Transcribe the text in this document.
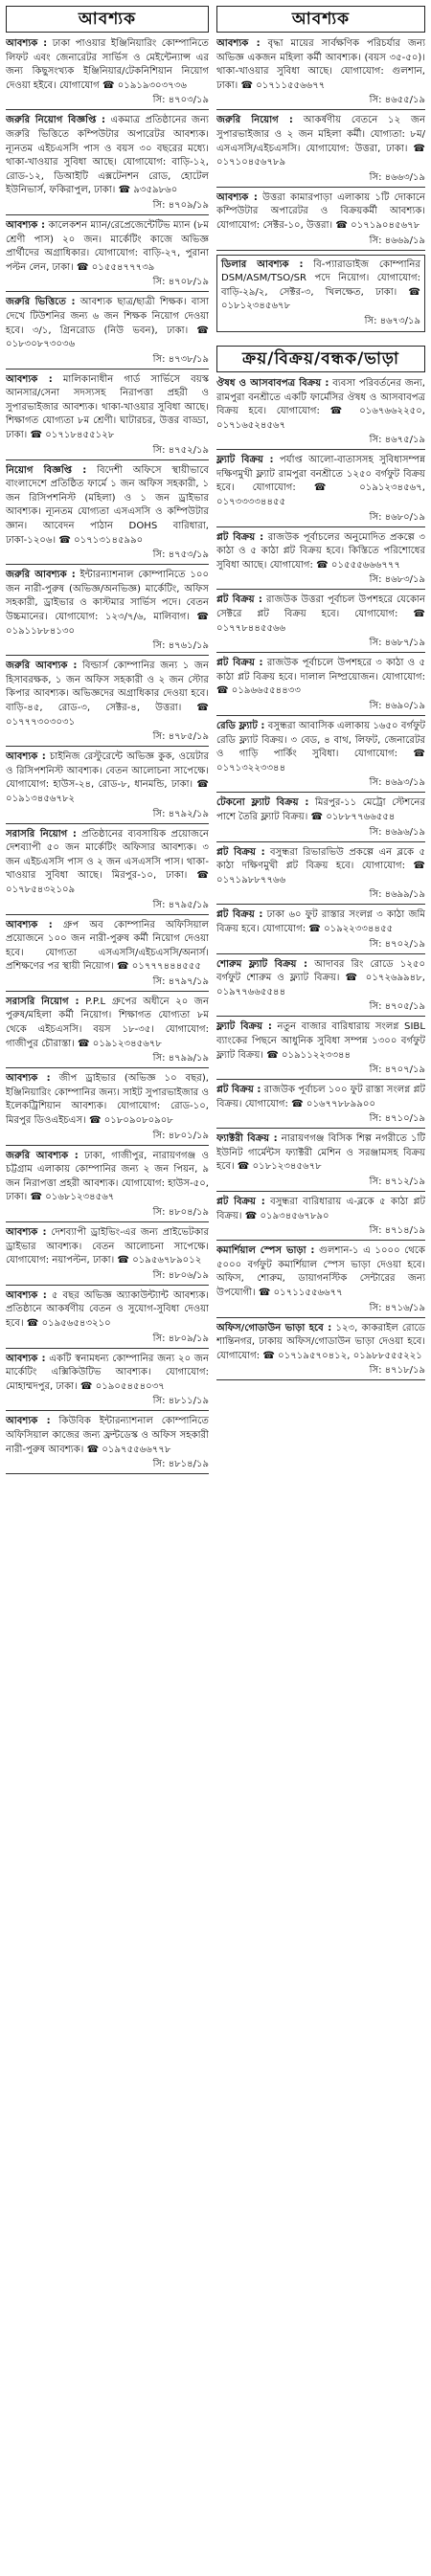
আবশ্যক

আবশ্যক : ঢাকা পাওয়ার ইঞ্জিনিয়ারিং কোম্পানিতে লিফট এবং জেনারেটর সার্ভিস ও মেইন্টেন্যান্স এর জন্য কিছুসংখ্যক ইঞ্জিনিয়ার/টেকনিশিয়ান নিয়োগ দেওয়া হইবে। যোগাযোগ ☎ ০১৯১৯৩০৩৭৩৬

সি: ৪৭০৩/১৯

জরুরি নিয়োগ বিজ্ঞপ্তি : একমাত্র প্রতিষ্ঠানের জন্য জরুরি ভিত্তিতে কম্পিউটার অপারেটর আবশ্যক। ন্যূনতম এইচএসসি পাস ও বয়স ৩০ বছরের মধ্যে। থাকা-খাওয়ার সুবিধা আছে। যোগাযোগ: বাড়ি-১২, রোড-১২, ডিআইটি এক্সটেনশন রোড, হোটেল ইউনিভার্স, ফকিরাপুল, ঢাকা। ☎ ৯৩৫৯৮৬০

সি: ৪৭০৯/১৯

আবশ্যক : কালেকশন ম্যান/রেপ্রেজেন্টেটিভ ম্যান (৮ম শ্রেণী পাস) ২০ জন। মার্কেটিং কাজে অভিজ্ঞ প্রার্থীদের অগ্রাধিকার। যোগাযোগ: বাড়ি-২৭, পুরানা পল্টন লেন, ঢাকা। ☎ ০১৫৫৪৭৭৭৩৯

সি: ৪৭০৮/১৯

জরুরি ভিত্তিতে : আবশ্যক ছাত্র/ছাত্রী শিক্ষক। বাসা দেখে টিউশনির জন্য ৬ জন শিক্ষক নিয়োগ দেওয়া হবে। ৩/১, গ্রিনরোড (নিউ ভবন), ঢাকা। ☎ ০১৮৩০৮৭৩০৩৬

সি: ৪৭৩৮/১৯

আবশ্যক : মালিকানাধীন গার্ড সার্ভিসে বয়স্ক আনসার/সেনা সদস্যসহ নিরাপত্তা প্রহরী ও সুপারভাইজার আবশ্যক। থাকা-খাওয়ার সুবিধা আছে। শিক্ষাগত যোগ্যতা ৮ম শ্রেণী। ঘাটারচর, উত্তর বাড্ডা, ঢাকা। ☎ ০১৭১৮৪৫৫১২৮

সি: ৪৭৫২/১৯

নিয়োগ বিজ্ঞপ্তি : বিদেশী অফিসে স্থায়ীভাবে বাংলাদেশে প্রতিষ্ঠিত ফার্মে ১ জন অফিস সহকারী, ১ জন রিসিপশনিস্ট (মহিলা) ও ১ জন ড্রাইভার আবশ্যক। ন্যূনতম যোগ্যতা এসএসসি ও কম্পিউটার জ্ঞান। আবেদন পাঠান DOHS বারিধারা, ঢাকা-১২০৬। ☎ ০১৭১৩১৪৫৯৯০

সি: ৪৭৫৩/১৯

জরুরি আবশ্যক : ইন্টারন্যাশনাল কোম্পানিতে ১০০ জন নারী-পুরুষ (অভিজ্ঞ/অনভিজ্ঞ) মার্কেটিং, অফিস সহকারী, ড্রাইভার ও কাস্টমার সার্ভিস পদে। বেতন উচ্চমানের। যোগাযোগ: ১২৩/৭/৬, মালিবাগ। ☎ ০১৯১১৮৮৪১৩০

সি: ৪৭৬১/১৯

জরুরি আবশ্যক : বিল্ডার্স কোম্পানির জন্য ১ জন হিসাবরক্ষক, ১ জন অফিস সহকারী ও ২ জন স্টোর কিপার আবশ্যক। অভিজ্ঞদের অগ্রাধিকার দেওয়া হবে। বাড়ি-৪৫, রোড-৩, সেক্টর-৪, উত্তরা। ☎ ০১৭৭৭৩০৩০৩১

সি: ৪৭৮৫/১৯

আবশ্যক : চাইনিজ রেস্টুরেন্টে অভিজ্ঞ কুক, ওয়েটার ও রিসিপশনিস্ট আবশ্যক। বেতন আলোচনা সাপেক্ষে। যোগাযোগ: হাউস-২৪, রোড-৮, ধানমন্ডি, ঢাকা। ☎ ০১৯১৩৪৫৬৭৮২

সি: ৪৭৯২/১৯

সরাসরি নিয়োগ : প্রতিষ্ঠানের ব্যবসায়িক প্রয়োজনে দেশব্যাপী ৫০ জন মার্কেটিং অফিসার আবশ্যক। ৩ জন এইচএসসি পাস ও ২ জন এসএসসি পাস। থাকা-খাওয়ার সুবিধা আছে। মিরপুর-১০, ঢাকা। ☎ ০১৭৮৫৪৩২১০৯

সি: ৪৭৯৫/১৯

আবশ্যক : গ্রুপ অব কোম্পানির অফিসিয়াল প্রয়োজনে ১০০ জন নারী-পুরুষ কর্মী নিয়োগ দেওয়া হবে। যোগ্যতা এসএসসি/এইচএসসি/অনার্স। প্রশিক্ষণের পর স্থায়ী নিয়োগ। ☎ ০১৭৭৭৪৪৪৫৫৫

সি: ৪৭৯৭/১৯

সরাসরি নিয়োগ : P.P.L গ্রুপের অধীনে ২০ জন পুরুষ/মহিলা কর্মী নিয়োগ। শিক্ষাগত যোগ্যতা ৮ম থেকে এইচএসসি। বয়স ১৮-৩৫। যোগাযোগ: গাজীপুর চৌরাস্তা। ☎ ০১৯১২৩৪৫৬৭৮

সি: ৪৭৯৯/১৯

আবশ্যক : জীপ ড্রাইভার (অভিজ্ঞ ১০ বছর), ইঞ্জিনিয়ারিং কোম্পানির জন্য। সাইট সুপারভাইজার ও ইলেকট্রিশিয়ান আবশ্যক। যোগাযোগ: রোড-১০, মিরপুর ডিওএইচএস। ☎ ০১৮০৯০৮০৯০৮

সি: ৪৮০১/১৯

জরুরি আবশ্যক : ঢাকা, গাজীপুর, নারায়ণগঞ্জ ও চট্টগ্রাম এলাকায় কোম্পানির জন্য ২ জন পিয়ন, ৯ জন নিরাপত্তা প্রহরী আবশ্যক। যোগাযোগ: হাউস-৫০, ঢাকা। ☎ ০১৬৮১২৩৪৫৬৭

সি: ৪৮০৪/১৯

আবশ্যক : দেশব্যাপী ড্রাইভিং-এর জন্য প্রাইভেটকার ড্রাইভার আবশ্যক। বেতন আলোচনা সাপেক্ষে। যোগাযোগ: নয়াপল্টন, ঢাকা। ☎ ০১৯৫৬৭৮৯০১২

সি: ৪৮০৬/১৯

আবশ্যক : ৫ বছর অভিজ্ঞ অ্যাকাউন্ট্যান্ট আবশ্যক। প্রতিষ্ঠানে আকর্ষণীয় বেতন ও সুযোগ-সুবিধা দেওয়া হবে। ☎ ০১৯৫৬৫৪৩২১০

সি: ৪৮০৯/১৯

আবশ্যক : একটি স্বনামধন্য কোম্পানির জন্য ২০ জন মার্কেটিং এক্সিকিউটিভ আবশ্যক। যোগাযোগ: মোহাম্মদপুর, ঢাকা। ☎ ০১৯০৫৪৫৪০৩৭

সি: ৪৮১১/১৯

আবশ্যক : কিউবিক ইন্টারন্যাশনাল কোম্পানিতে অফিসিয়াল কাজের জন্য ফ্রন্টডেস্ক ও অফিস সহকারী নারী-পুরুষ আবশ্যক। ☎ ০১৯৭৫৫৬৬৭৭৮

সি: ৪৮১৪/১৯
আবশ্যক

আবশ্যক : বৃদ্ধা মায়ের সার্বক্ষণিক পরিচর্যার জন্য অভিজ্ঞ একজন মহিলা কর্মী আবশ্যক। (বয়স ৩৫-৫০)। থাকা-খাওয়ার সুবিধা আছে। যোগাযোগ: গুলশান, ঢাকা। ☎ ০১৭১১৫৫৬৬৭৭

সি: ৪৬৫৫/১৯

জরুরি নিয়োগ : আকর্ষণীয় বেতনে ১২ জন সুপারভাইজার ও ২ জন মহিলা কর্মী। যোগ্যতা: ৮ম/এসএসসি/এইচএসসি। যোগাযোগ: উত্তরা, ঢাকা। ☎ ০১৭১০৪৫৬৭৮৯

সি: ৪৬৬৩/১৯

আবশ্যক : উত্তরা কামারপাড়া এলাকায় ১টি দোকানে কম্পিউটার অপারেটর ও বিক্রয়কর্মী আবশ্যক। যোগাযোগ: সেক্টর-১০, উত্তরা। ☎ ০১৭১৯০৪৫৬৭৮

সি: ৪৬৬৯/১৯

ডিলার আবশ্যক : বি-প্যারাডাইজ কোম্পানির DSM/ASM/TSO/SR পদে নিয়োগ। যোগাযোগ: বাড়ি-২৯/২, সেক্টর-৩, খিলক্ষেত, ঢাকা। ☎ ০১৮১২৩৪৫৬৭৮

সি: ৪৬৭৩/১৯
ক্রয়/বিক্রয়/বন্ধক/ভাড়া

ঔষধ ও আসবাবপত্র বিক্রয় : ব্যবসা পরিবর্তনের জন্য, রামপুরা বনশ্রীতে একটি ফার্মেসির ঔষধ ও আসবাবপত্র বিক্রয় হবে। যোগাযোগ: ☎ ০১৬৭৬৬২২৫০, ০১৭১৬৫২৪৫৬৭

সি: ৪৬৭৫/১৯

ফ্ল্যাট বিক্রয় : পর্যাপ্ত আলো-বাতাসসহ সুবিধাসম্পন্ন দক্ষিণমুখী ফ্ল্যাট রামপুরা বনশ্রীতে ১২৫০ বর্গফুট বিক্রয় হবে। যোগাযোগ: ☎ ০১৯১২৩৪৫৬৭, ০১৭৩৩৩৩৪৪৫৫

সি: ৪৬৮০/১৯

প্লট বিক্রয় : রাজউক পূর্বাচলের অনুমোদিত প্রকল্পে ৩ কাঠা ও ৫ কাঠা প্লট বিক্রয় হবে। কিস্তিতে পরিশোধের সুবিধা আছে। যোগাযোগ: ☎ ০১৫৫৫৬৬৬৭৭৭

সি: ৪৬৮৩/১৯

প্লট বিক্রয় : রাজউক উত্তরা পূর্বাচল উপশহরে যেকোন সেক্টরে প্লট বিক্রয় হবে। যোগাযোগ: ☎ ০১৭৭৮৪৪৫৫৬৬

সি: ৪৬৮৭/১৯

প্লট বিক্রয় : রাজউক পূর্বাচলে উপশহরে ৩ কাঠা ও ৫ কাঠা প্লট বিক্রয় হবে। দালাল নিষ্প্রয়োজন। যোগাযোগ: ☎ ০১৯৬৬৫৫৪৪৩৩

সি: ৪৬৯০/১৯

রেডি ফ্ল্যাট : বসুন্ধরা আবাসিক এলাকায় ১৬৫০ বর্গফুট রেডি ফ্ল্যাট বিক্রয়। ৩ বেড, ৪ বাথ, লিফট, জেনারেটর ও গাড়ি পার্কিং সুবিধা। যোগাযোগ: ☎ ০১৭১৩২২৩৩৪৪

সি: ৪৬৯৩/১৯

টেকনো ফ্ল্যাট বিক্রয় : মিরপুর-১১ মেট্রো স্টেশনের পাশে তৈরি ফ্ল্যাট বিক্রয়। ☎ ০১৮৮৭৭৬৬৫৫৪

সি: ৪৬৯৬/১৯

প্লট বিক্রয় : বসুন্ধরা রিভারভিউ প্রকল্পে এন ব্লকে ৫ কাঠা দক্ষিণমুখী প্লট বিক্রয় হবে। যোগাযোগ: ☎ ০১৭১৯৮৮৭৭৬৬

সি: ৪৬৯৯/১৯

প্লট বিক্রয় : ঢাকা ৬০ ফুট রাস্তার সংলগ্ন ৩ কাঠা জমি বিক্রয় হবে। যোগাযোগ: ☎ ০১৯২২৩৩৪৪৫৫

সি: ৪৭০২/১৯

শোরুম ফ্ল্যাট বিক্রয় : আদাবর রিং রোডে ১২৫০ বর্গফুট শোরুম ও ফ্ল্যাট বিক্রয়। ☎ ০১৭২৬৯৯৪৮, ০১৯৭৭৬৬৫৫৪৪

সি: ৪৭০৫/১৯

ফ্ল্যাট বিক্রয় : নতুন বাজার বারিধারায় সংলগ্ন SIBL ব্যাংকের পিছনে আধুনিক সুবিধা সম্পন্ন ১৩০০ বর্গফুট ফ্ল্যাট বিক্রয়। ☎ ০১৯১১২২৩৩৪৪

সি: ৪৭০৭/১৯

প্লট বিক্রয় : রাজউক পূর্বাচল ১০০ ফুট রাস্তা সংলগ্ন প্লট বিক্রয়। যোগাযোগ: ☎ ০১৬৭৭৮৮৯৯০০

সি: ৪৭১০/১৯

ফ্যাক্টরী বিক্রয় : নারায়ণগঞ্জ বিসিক শিল্প নগরীতে ১টি ইউনিট গার্মেন্টস ফ্যাক্টরী মেশিন ও সরঞ্জামসহ বিক্রয় হবে। ☎ ০১৮১২৩৪৫৬৭৮

সি: ৪৭১২/১৯

প্লট বিক্রয় : বসুন্ধরা বারিধারায় এ-ব্লকে ৫ কাঠা প্লট বিক্রয়। ☎ ০১৯৩৪৫৬৭৮৯০

সি: ৪৭১৪/১৯

কমার্শিয়াল স্পেস ভাড়া : গুলশান-১ এ ১০০০ থেকে ৫০০০ বর্গফুট কমার্শিয়াল স্পেস ভাড়া দেওয়া হবে। অফিস, শোরুম, ডায়াগনস্টিক সেন্টারের জন্য উপযোগী। ☎ ০১৭১১৫৫৬৬৭৭

সি: ৪৭১৬/১৯

অফিস/গোডাউন ভাড়া হবে : ১২৩, কাকরাইল রোডে শান্তিনগর, ঢাকায় অফিস/গোডাউন ভাড়া দেওয়া হবে। যোগাযোগ: ☎ ০১৭১৯৫৭০৪১২, ০১৯৮৮৫৫৫২২১

সি: ৪৭১৮/১৯
